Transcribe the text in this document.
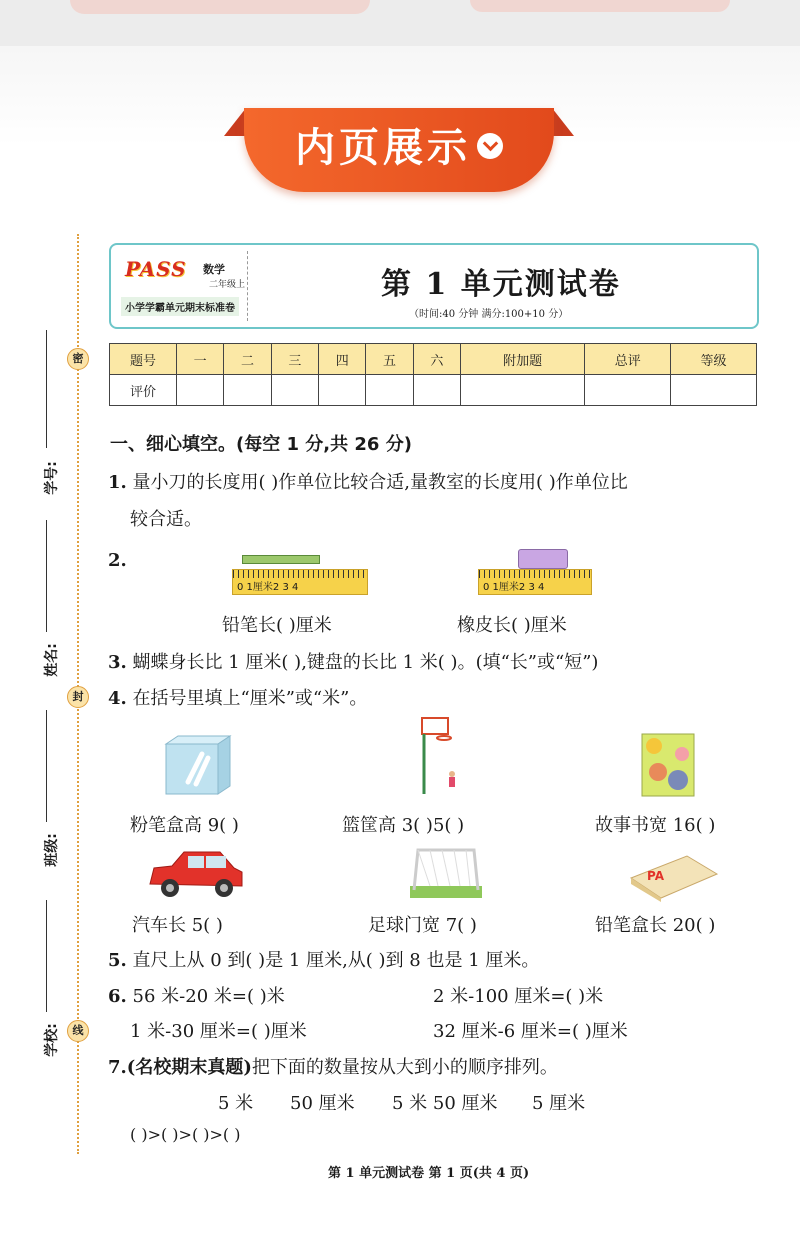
内页展示
密
封
线
学号:
姓名:
班级:
学校:
PASS 数学
二年级上
小学学霸单元期末标准卷
第 1 单元测试卷
（时间:40 分钟 满分:100+10 分）
题号	一	二	三	四	五	六	附加题	总评	等级
评价									
一、细心填空。(每空 1 分,共 26 分)
1. 量小刀的长度用( )作单位比较合适,量教室的长度用( )作单位比
较合适。
2.
0 1厘米2 3 4	0 1厘米2 3 4
铅笔长( )厘米	橡皮长( )厘米
3. 蝴蝶身长比 1 厘米( ),键盘的长比 1 米( )。(填“长”或“短”)
4. 在括号里填上“厘米”或“米”。
粉笔盒高 9( )	篮筐高 3( )5( )	故事书宽 16( )
PA
汽车长 5( )	足球门宽 7( )	铅笔盒长 20( )
5. 直尺上从 0 到( )是 1 厘米,从( )到 8 也是 1 厘米。
6. 56 米-20 米=( )米	2 米-100 厘米=( )米
1 米-30 厘米=( )厘米	32 厘米-6 厘米=( )厘米
7.(名校期末真题)把下面的数量按从大到小的顺序排列。
5 米 50 厘米 5 米 50 厘米 5 厘米
( )>( )>( )>( )
第 1 单元测试卷 第 1 页(共 4 页)
